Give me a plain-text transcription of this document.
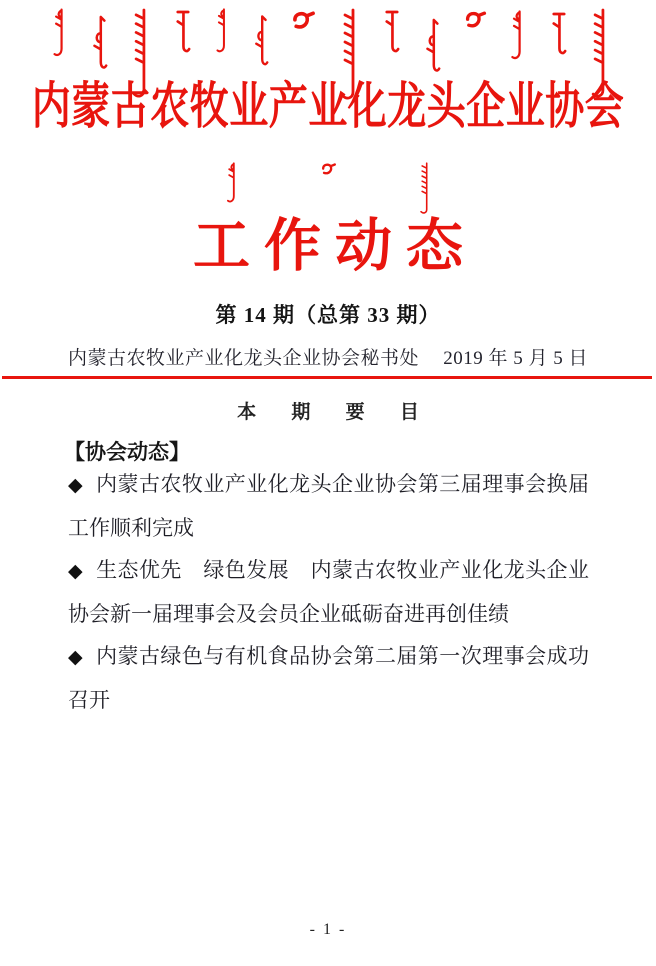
内蒙古农牧业产业化龙头企业协会
工作动态
第 14 期（总第 33 期）
内蒙古农牧业产业化龙头企业协会秘书处 2019 年 5 月 5 日
本 期 要 目
【协会动态】

◆ 内蒙古农牧业产业化龙头企业协会第三届理事会换届工作顺利完成

◆ 生态优先　绿色发展　内蒙古农牧业产业化龙头企业协会新一届理事会及会员企业砥砺奋进再创佳绩

◆ 内蒙古绿色与有机食品协会第二届第一次理事会成功召开

- 1 -
